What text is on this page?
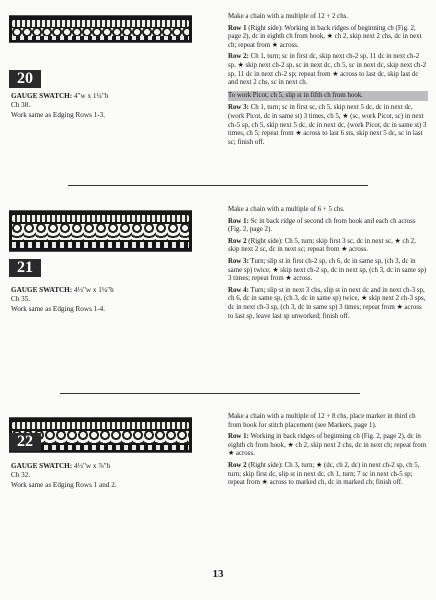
20
GAUGE SWATCH: 4"w x 1¼"h
Ch 38.
Work same as Edging Rows 1-3.

Make a chain with a multiple of 12 + 2 chs.

Row 1 (Right side): Working in back ridges of beginning ch (Fig. 2, page 2), dc in eighth ch from hook, ★ ch 2, skip next 2 chs, dc in next ch; repeat from ★ across.

Row 2: Ch 1, turn; sc in first dc, skip next ch-2 sp, 11 dc in next ch-2 sp, ★ skip next ch-2 sp, sc in next dc, ch 5, sc in next dc, skip next ch-2 sp, 11 dc in next ch-2 sp; repeat from ★ across to last dc, skip last dc and next 2 chs, sc in next ch.

To work Picot, ch 5, slip st in fifth ch from hook.

Row 3: Ch 1, turn; sc in first sc, ch 5, skip next 5 dc, dc in next dc, (work Picot, dc in same st) 3 times, ch 5, ★ (sc, work Picot, sc) in next ch-5 sp, ch 5, skip next 5 dc, dc in next dc, (work Picot, dc in same st) 3 times, ch 5; repeat from ★ across to last 6 sts, skip next 5 dc, sc in last sc; finish off.

21
GAUGE SWATCH: 4½"w x 1¼"h
Ch 35.
Work same as Edging Rows 1-4.

Make a chain with a multiple of 6 + 5 chs.

Row 1: Sc in back ridge of second ch from hook and each ch across (Fig. 2, page 2).

Row 2 (Right side): Ch 5, turn; skip first 3 sc, dc in next sc, ★ ch 2, skip next 2 sc, dc in next sc; repeat from ★ across.

Row 3: Turn; slip st in first ch-2 sp, ch 6, dc in same sp, (ch 3, dc in same sp) twice, ★ skip next ch-2 sp, dc in next sp, (ch 3, dc in same sp) 3 times; repeat from ★ across.

Row 4: Turn; slip st in next 3 chs, slip st in next dc and in next ch-3 sp, ch 6, dc in same sp, (ch 3, dc in same sp) twice, ★ skip next 2 ch-3 sps, dc in next ch-3 sp, (ch 3, dc in same sp) 3 times; repeat from ★ across to last sp, leave last sp unworked; finish off.

22
GAUGE SWATCH: 4½"w x ⅞"h
Ch 32.
Work same as Edging Rows 1 and 2.

Make a chain with a multiple of 12 + 8 chs, place marker in third ch from hook for stitch placement (see Markers, page 1).

Row 1: Working in back ridges of beginning ch (Fig. 2, page 2), dc in eighth ch from hook, ★ ch 2, skip next 2 chs, dc in next ch; repeat from ★ across.

Row 2 (Right side): Ch 3, turn; ★ (dc, ch 2, dc) in next ch-2 sp, ch 5, turn; skip first dc, slip st in next dc, ch 1, turn; 7 sc in next ch-5 sp; repeat from ★ across to marked ch, dc in marked ch; finish off.

13
